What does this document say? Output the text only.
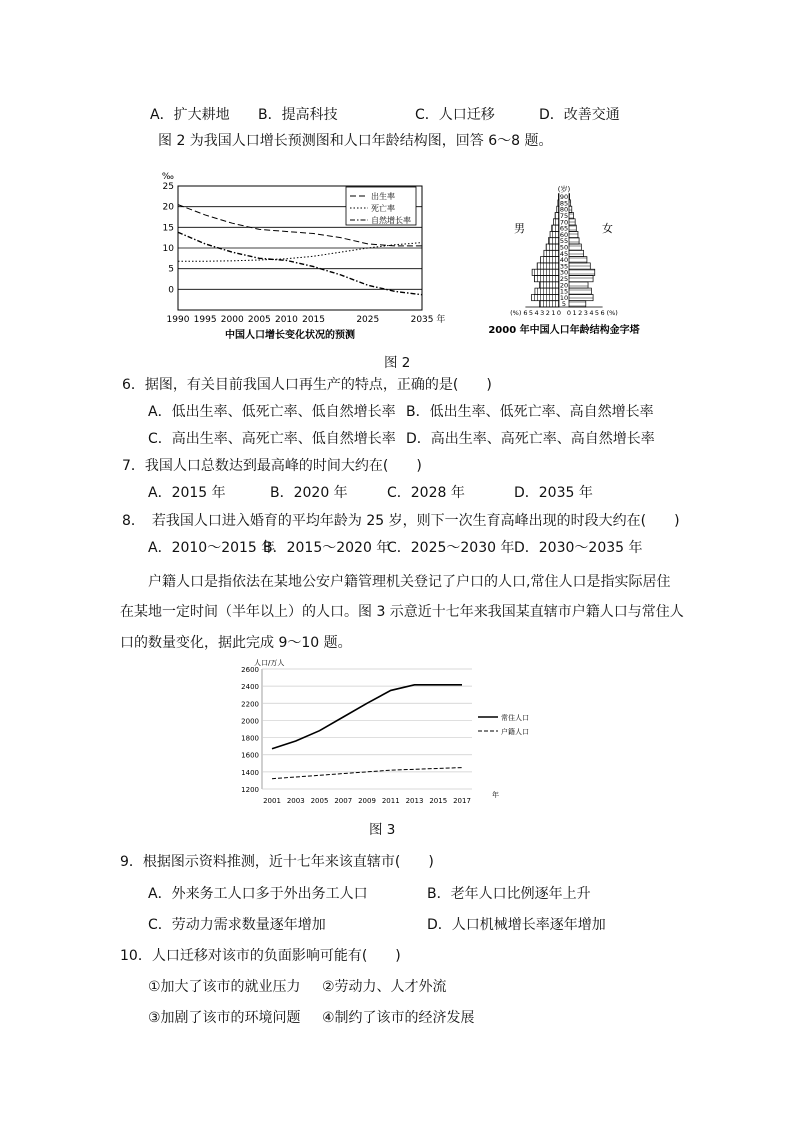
A．扩大耕地 B．提高科技	C．人口迁移	D．改善交通
图 2 为我国人口增长预测图和人口年龄结构图，回答 6～8 题。
25
20
15
10
5
0
‰
1990 1995 2000 2005 2010 2015	2025	2035 年
出生率
死亡率
自然增长率
中国人口增长变化状况的预测
5
10
15
20
25
30
35
40
45
50
55
60
65
70
75
80
85
90
(岁)
6 5 4 3 2 1 0 0 1 2 3 4 5 6
(%)	(%)
男	女
2000 年中国人口年龄结构金字塔
图 2
6．据图，有关目前我国人口再生产的特点，正确的是(　　)
A．低出生率、低死亡率、低自然增长率 B．低出生率、低死亡率、高自然增长率
C．高出生率、高死亡率、低自然增长率 D．高出生率、高死亡率、高自然增长率
7．我国人口总数达到最高峰的时间大约在(　　)
A．2015 年	B．2020 年	C．2028 年	D．2035 年
8．　若我国人口进入婚育的平均年龄为 25 岁，则下一次生育高峰出现的时段大约在(　　)
A．2010～2015 年
B．2015～2020 年
C．2025～2030 年 D．2030～2035 年
户籍人口是指依法在某地公安户籍管理机关登记了户口的人口,常住人口是指实际居住
在某地一定时间（半年以上）的人口。图 3 示意近十七年来我国某直辖市户籍人口与常住人
口的数量变化，据此完成 9～10 题。
2600
2400
2200
2000
1800
1600
1400
1200
人口/万人
2001 2003 2005 2007 2009 2011 2013 2015 2017
年
常住人口
户籍人口
图 3
9．根据图示资料推测，近十七年来该直辖市(　　)
A．外来务工人口多于外出务工人口	B．老年人口比例逐年上升
C．劳动力需求数量逐年增加	D．人口机械增长率逐年增加
10．人口迁移对该市的负面影响可能有(　　)
①加大了该市的就业压力 ②劳动力、人才外流
③加剧了该市的环境问题 ④制约了该市的经济发展
